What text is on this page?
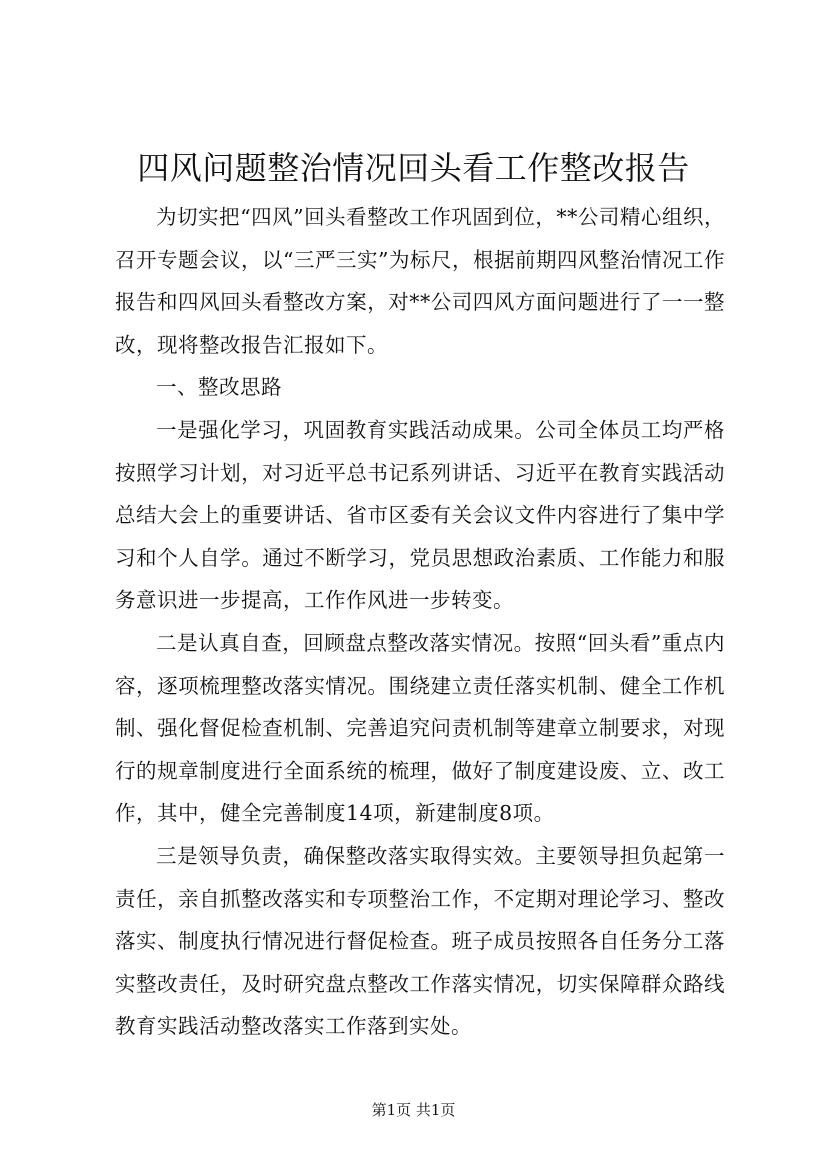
四风问题整治情况回头看工作整改报告

为切实把“四风”回头看整改工作巩固到位，**公司精心组织，召开专题会议，以“三严三实”为标尺，根据前期四风整治情况工作报告和四风回头看整改方案，对**公司四风方面问题进行了一一整改，现将整改报告汇报如下。

一、整改思路

一是强化学习，巩固教育实践活动成果。公司全体员工均严格按照学习计划，对习近平总书记系列讲话、习近平在教育实践活动总结大会上的重要讲话、省市区委有关会议文件内容进行了集中学习和个人自学。通过不断学习，党员思想政治素质、工作能力和服务意识进一步提高，工作作风进一步转变。

二是认真自查，回顾盘点整改落实情况。按照“回头看”重点内容，逐项梳理整改落实情况。围绕建立责任落实机制、健全工作机制、强化督促检查机制、完善追究问责机制等建章立制要求，对现行的规章制度进行全面系统的梳理，做好了制度建设废、立、改工作，其中，健全完善制度14项，新建制度8项。

三是领导负责，确保整改落实取得实效。主要领导担负起第一责任，亲自抓整改落实和专项整治工作，不定期对理论学习、整改落实、制度执行情况进行督促检查。班子成员按照各自任务分工落实整改责任，及时研究盘点整改工作落实情况，切实保障群众路线教育实践活动整改落实工作落到实处。

第1页 共1页
